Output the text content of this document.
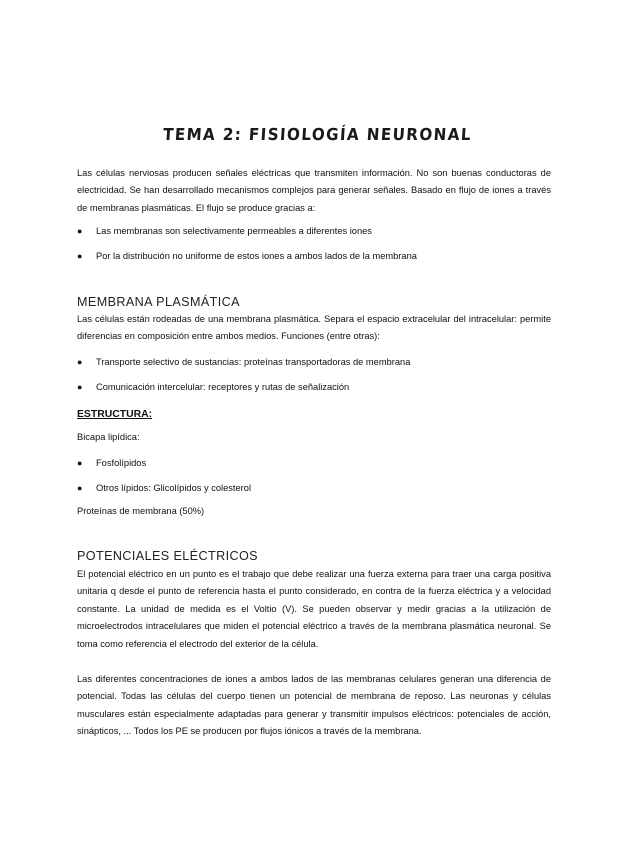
TEMA 2: FISIOLOGÍA NEURONAL

Las células nerviosas producen señales eléctricas que transmiten información. No son buenas conductoras de electricidad. Se han desarrollado mecanismos complejos para generar señales. Basado en flujo de iones a través de membranas plasmáticas. El flujo se produce gracias a:

●	Las membranas son selectivamente permeables a diferentes iones
●	Por la distribución no uniforme de estos iones a ambos lados de la membrana
MEMBRANA PLASMÁTICA

Las células están rodeadas de una membrana plasmática. Separa el espacio extracelular del intracelular: permite diferencias en composición entre ambos medios. Funciones (entre otras):

●	Transporte selectivo de sustancias: proteínas transportadoras de membrana
●	Comunicación intercelular: receptores y rutas de señalización
ESTRUCTURA:

Bicapa lipídica:

●	Fosfolípidos
●	Otros lípidos: Glicolípidos y colesterol

Proteínas de membrana (50%)

POTENCIALES ELÉCTRICOS

El potencial eléctrico en un punto es el trabajo que debe realizar una fuerza externa para traer una carga positiva unitaria q desde el punto de referencia hasta el punto considerado, en contra de la fuerza eléctrica y a velocidad constante. La unidad de medida es el Voltio (V). Se pueden observar y medir gracias a la utilización de microelectrodos intracelulares que miden el potencial eléctrico a través de la membrana plasmática neuronal. Se toma como referencia el electrodo del exterior de la célula.

Las diferentes concentraciones de iones a ambos lados de las membranas celulares generan una diferencia de potencial. Todas las células del cuerpo tienen un potencial de membrana de reposo. Las neuronas y células musculares están especialmente adaptadas para generar y transmitir impulsos eléctricos: potenciales de acción, sinápticos, ... Todos los PE se producen por flujos iónicos a través de la membrana.
